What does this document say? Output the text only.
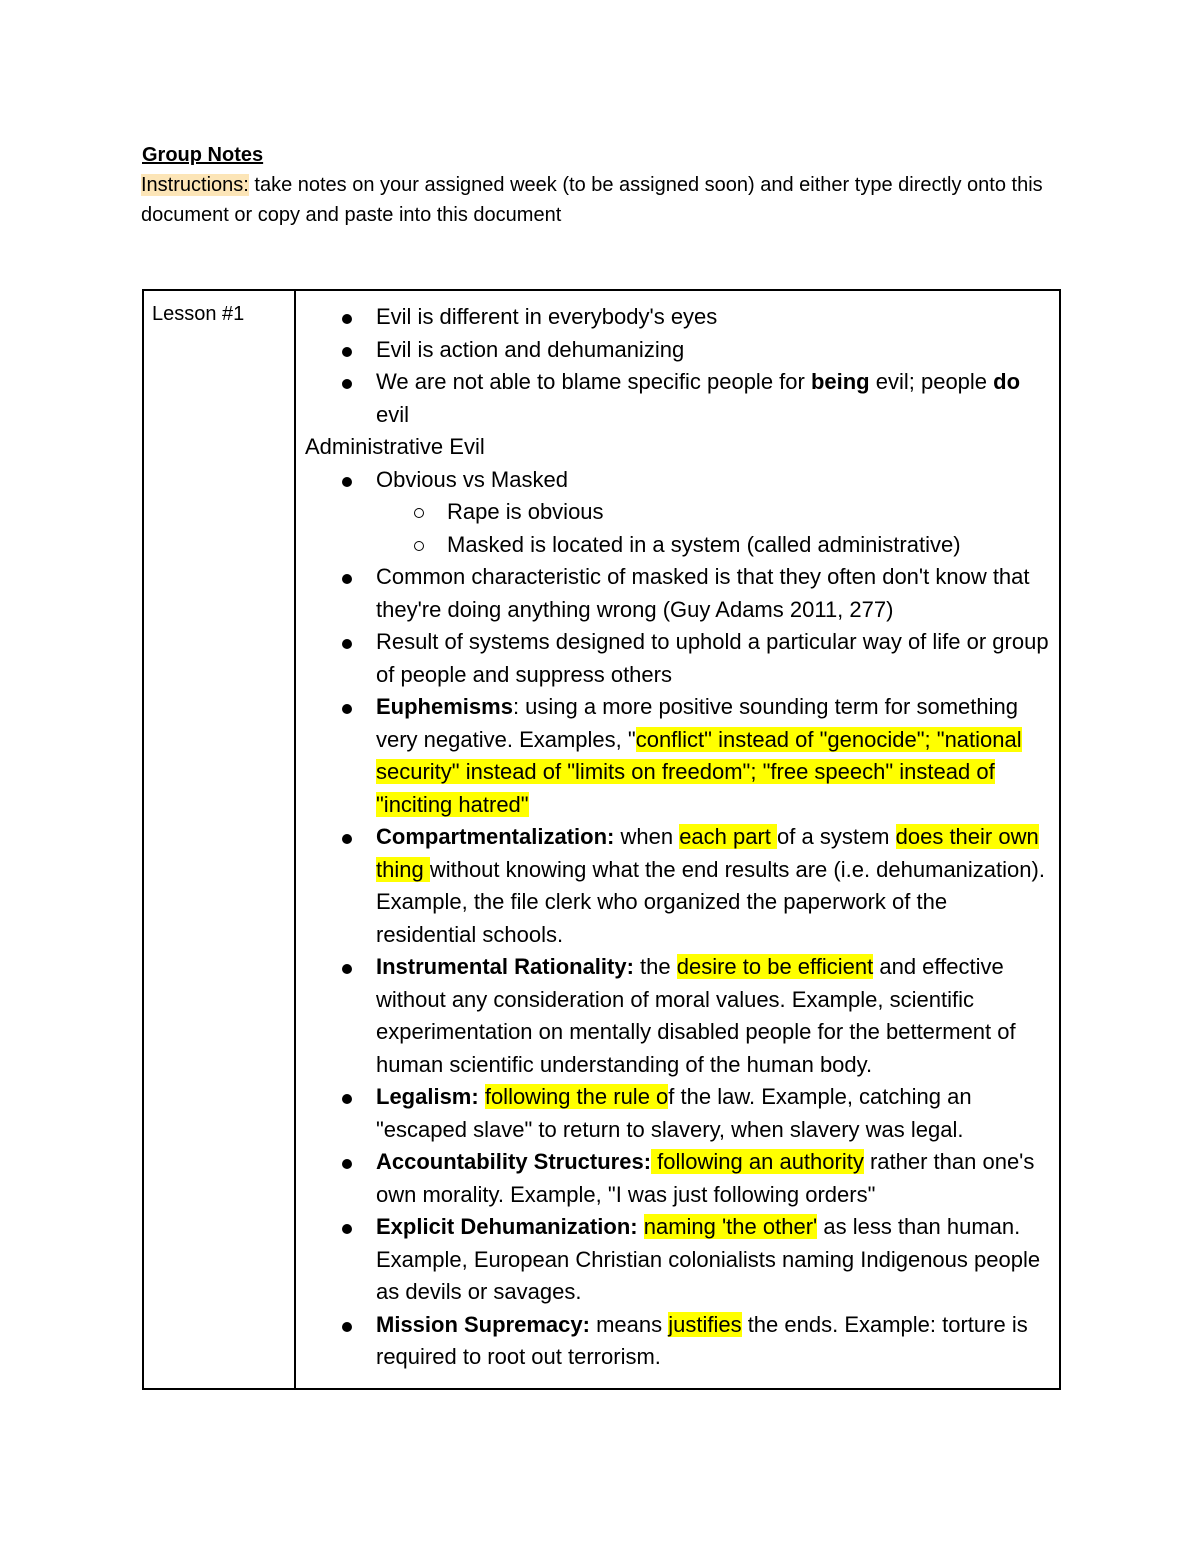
Group Notes
Instructions: take notes on your assigned week (to be assigned soon) and either type directly onto this document or copy and paste into this document
Lesson #1	Evil is different in everybody's eyes
Evil is action and dehumanizing
We are not able to blame specific people for being evil; people do evil
Administrative Evil
Obvious vs Masked
Rape is obvious
Masked is located in a system (called administrative)
Common characteristic of masked is that they often don't know that they're doing anything wrong (Guy Adams 2011, 277)
Result of systems designed to uphold a particular way of life or group of people and suppress others
Euphemisms: using a more positive sounding term for something very negative. Examples, "conflict" instead of "genocide"; "national security" instead of "limits on freedom"; "free speech" instead of "inciting hatred"
Compartmentalization: when each part of a system does their own thing without knowing what the end results are (i.e. dehumanization). Example, the file clerk who organized the paperwork of the residential schools.
Instrumental Rationality: the desire to be efficient and effective without any consideration of moral values. Example, scientific experimentation on mentally disabled people for the betterment of human scientific understanding of the human body.
Legalism: following the rule of the law. Example, catching an "escaped slave" to return to slavery, when slavery was legal.
Accountability Structures: following an authority rather than one's own morality. Example, "I was just following orders"
Explicit Dehumanization: naming 'the other' as less than human. Example, European Christian colonialists naming Indigenous people as devils or savages.
Mission Supremacy: means justifies the ends. Example: torture is required to root out terrorism.
